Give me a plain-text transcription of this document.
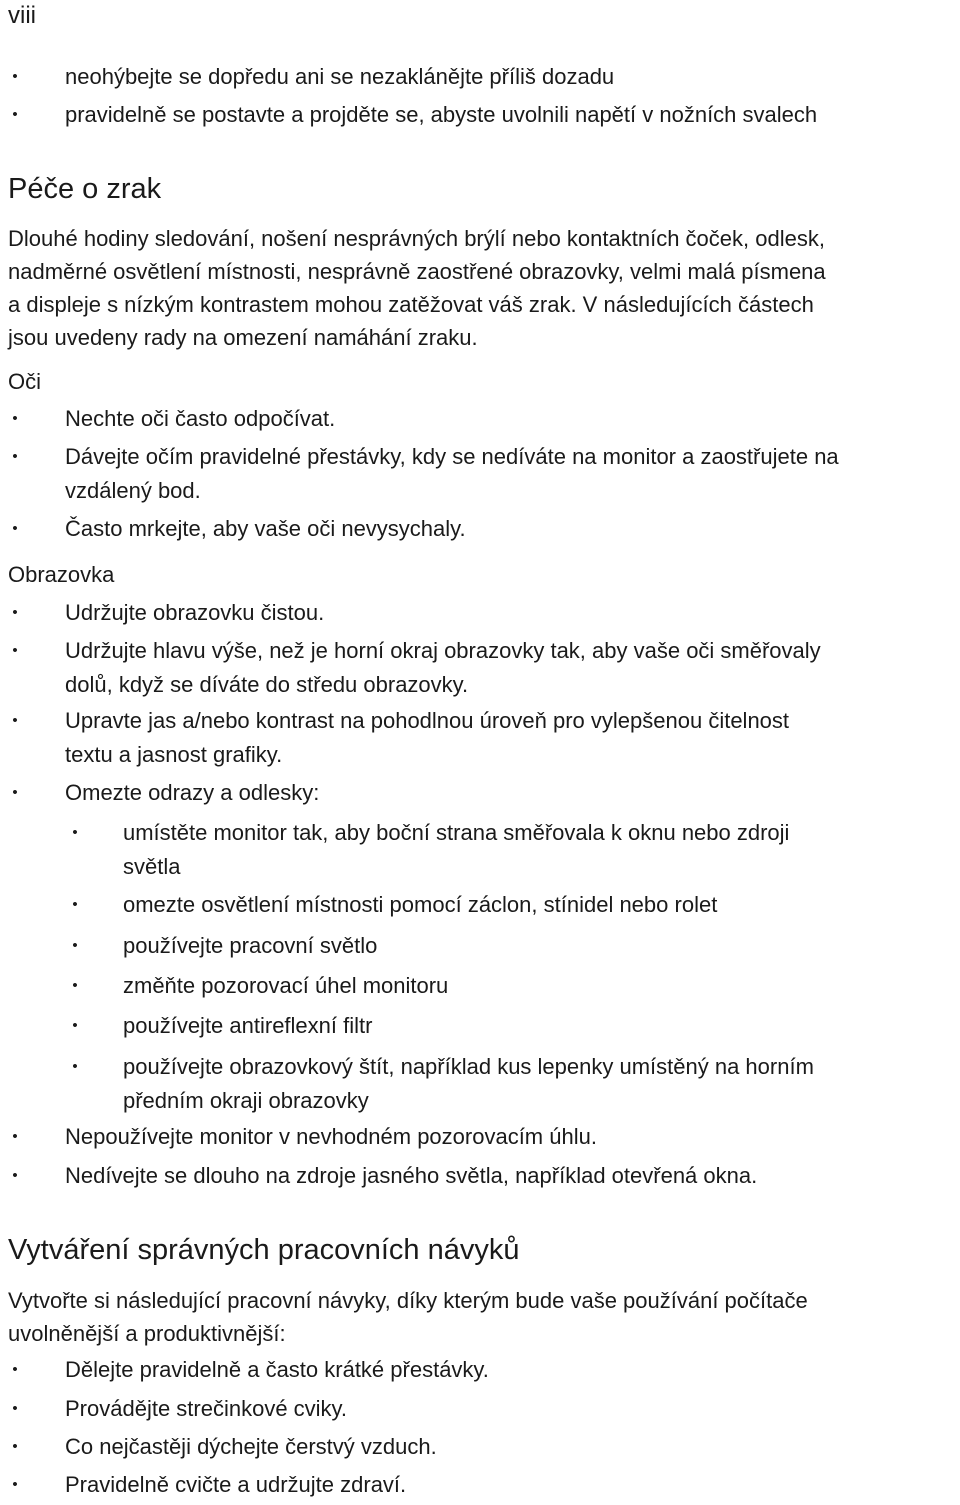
viii
• neohýbejte se dopředu ani se nezaklánějte příliš dozadu
• pravidelně se postavte a projděte se, abyste uvolnili napětí v nožních svalech
Péče o zrak
Dlouhé hodiny sledování, nošení nesprávných brýlí nebo kontaktních čoček, odlesk,
nadměrné osvětlení místnosti, nesprávně zaostřené obrazovky, velmi malá písmena
a displeje s nízkým kontrastem mohou zatěžovat váš zrak. V následujících částech
jsou uvedeny rady na omezení namáhání zraku.
Oči
• Nechte oči často odpočívat.
• Dávejte očím pravidelné přestávky, kdy se nedíváte na monitor a zaostřujete na
vzdálený bod.
• Často mrkejte, aby vaše oči nevysychaly.
Obrazovka
• Udržujte obrazovku čistou.
• Udržujte hlavu výše, než je horní okraj obrazovky tak, aby vaše oči směřovaly
dolů, když se díváte do středu obrazovky.
• Upravte jas a/nebo kontrast na pohodlnou úroveň pro vylepšenou čitelnost
textu a jasnost grafiky.
• Omezte odrazy a odlesky:
• umístěte monitor tak, aby boční strana směřovala k oknu nebo zdroji
světla
• omezte osvětlení místnosti pomocí záclon, stínidel nebo rolet
• používejte pracovní světlo
• změňte pozorovací úhel monitoru
• používejte antireflexní filtr
• používejte obrazovkový štít, například kus lepenky umístěný na horním
předním okraji obrazovky
• Nepoužívejte monitor v nevhodném pozorovacím úhlu.
• Nedívejte se dlouho na zdroje jasného světla, například otevřená okna.
Vytváření správných pracovních návyků
Vytvořte si následující pracovní návyky, díky kterým bude vaše používání počítače
uvolněnější a produktivnější:
• Dělejte pravidelně a často krátké přestávky.
• Provádějte strečinkové cviky.
• Co nejčastěji dýchejte čerstvý vzduch.
• Pravidelně cvičte a udržujte zdraví.
